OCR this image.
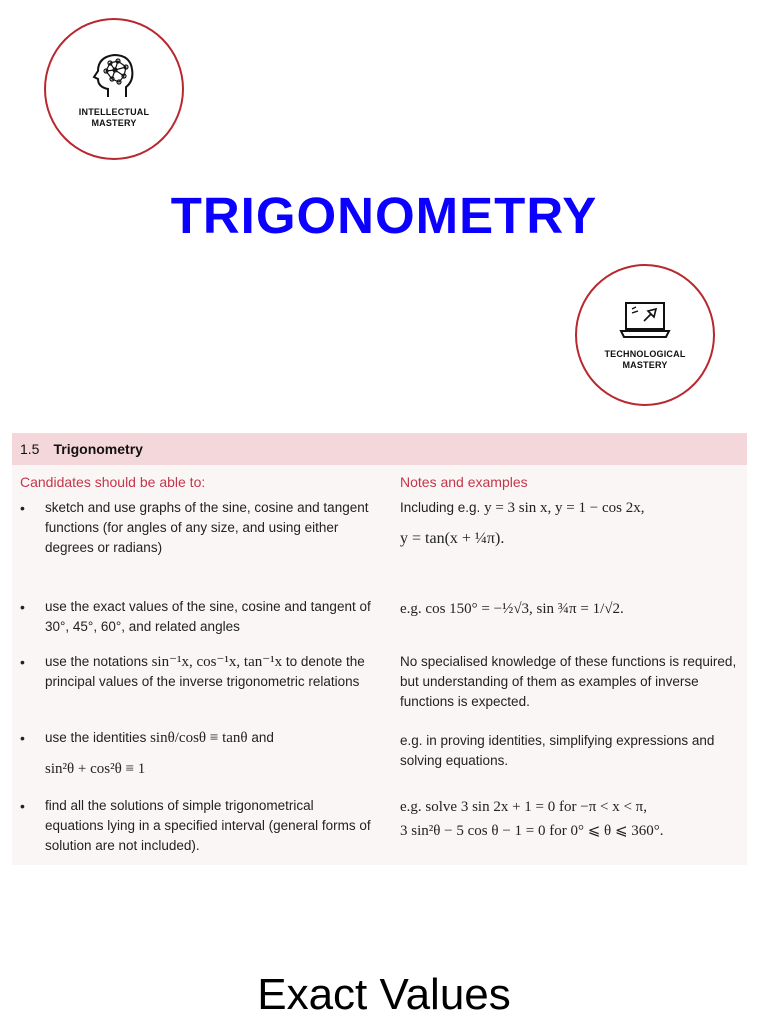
INTELLECTUAL
MASTERY
TRIGONOMETRY
TECHNOLOGICAL
MASTERY
1.5 Trigonometry
Candidates should be able to:	Notes and examples
• sketch and use graphs of the sine, cosine and tangent functions (for angles of any size, and using either degrees or radians)
Including e.g. y = 3 sin x, y = 1 − cos 2x,
y = tan(x + ¼π).
• use the exact values of the sine, cosine and tangent of 30°, 45°, 60°, and related angles
e.g. cos 150° = −½√3, sin ¾π = 1/√2.
• use the notations sin⁻¹x, cos⁻¹x, tan⁻¹x to denote the principal values of the inverse trigonometric relations
No specialised knowledge of these functions is required, but understanding of them as examples of inverse functions is expected.
• use the identities sinθ/cosθ ≡ tanθ and
sin²θ + cos²θ ≡ 1
e.g. in proving identities, simplifying expressions and solving equations.
• find all the solutions of simple trigonometrical equations lying in a specified interval (general forms of solution are not included).
e.g. solve 3 sin 2x + 1 = 0 for −π < x < π,
3 sin²θ − 5 cos θ − 1 = 0 for 0° ⩽ θ ⩽ 360°.
Exact Values
